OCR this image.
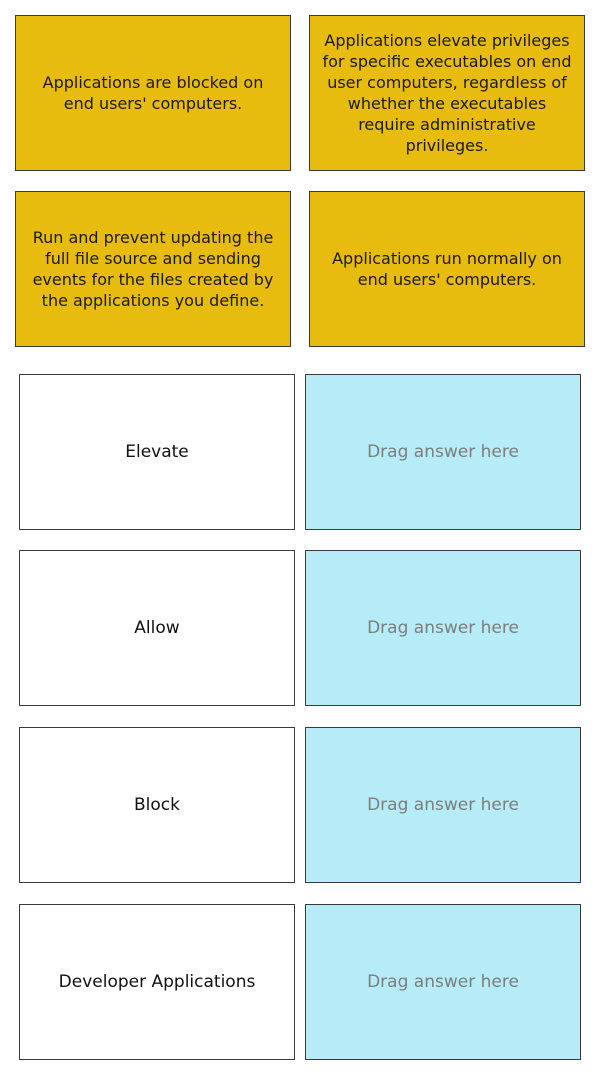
Applications are blocked on end users' computers.
Applications elevate privileges for specific executables on end user computers, regardless of whether the executables require administrative privileges.
Run and prevent updating the full file source and sending events for the files created by the applications you define.
Applications run normally on end users' computers.
Elevate	Drag answer here
Allow	Drag answer here
Block	Drag answer here
Developer Applications	Drag answer here
